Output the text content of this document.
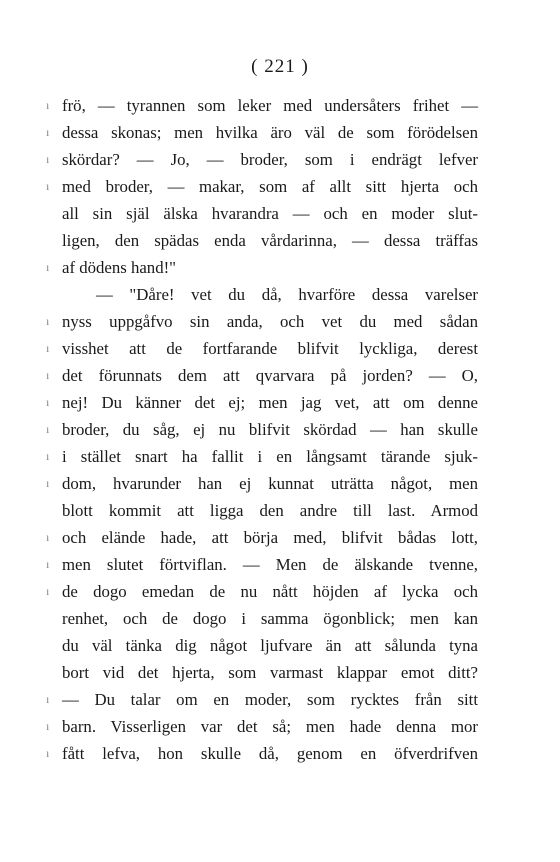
( 221 )
ı
ı
ı
ı
ı
ı
ı
ı
ı
ı
ı
ı
ı
ı
ı
ı
ı
ı
frö, — tyrannen som leker med undersåters frihet —
dessa skonas; men hvilka äro väl de som förödelsen
skördar? — Jo, — broder, som i endrägt lefver
med broder, — makar, som af allt sitt hjerta och
all sin själ älska hvarandra — och en moder slut-
ligen, den spädas enda vårdarinna, — dessa träffas
af dödens hand!"
— "Dåre! vet du då, hvarföre dessa varelser
nyss uppgåfvo sin anda, och vet du med sådan
visshet att de fortfarande blifvit lyckliga, derest
det förunnats dem att qvarvara på jorden? — O,
nej! Du känner det ej; men jag vet, att om denne
broder, du såg, ej nu blifvit skördad — han skulle
i stället snart ha fallit i en långsamt tärande sjuk-
dom, hvarunder han ej kunnat uträtta något, men
blott kommit att ligga den andre till last. Armod
och elände hade, att börja med, blifvit bådas lott,
men slutet förtviflan. — Men de älskande tvenne,
de dogo emedan de nu nått höjden af lycka och
renhet, och de dogo i samma ögonblick; men kan
du väl tänka dig något ljufvare än att sålunda tyna
bort vid det hjerta, som varmast klappar emot ditt?
— Du talar om en moder, som rycktes från sitt
barn. Visserligen var det så; men hade denna mor
fått lefva, hon skulle då, genom en öfverdrifven
